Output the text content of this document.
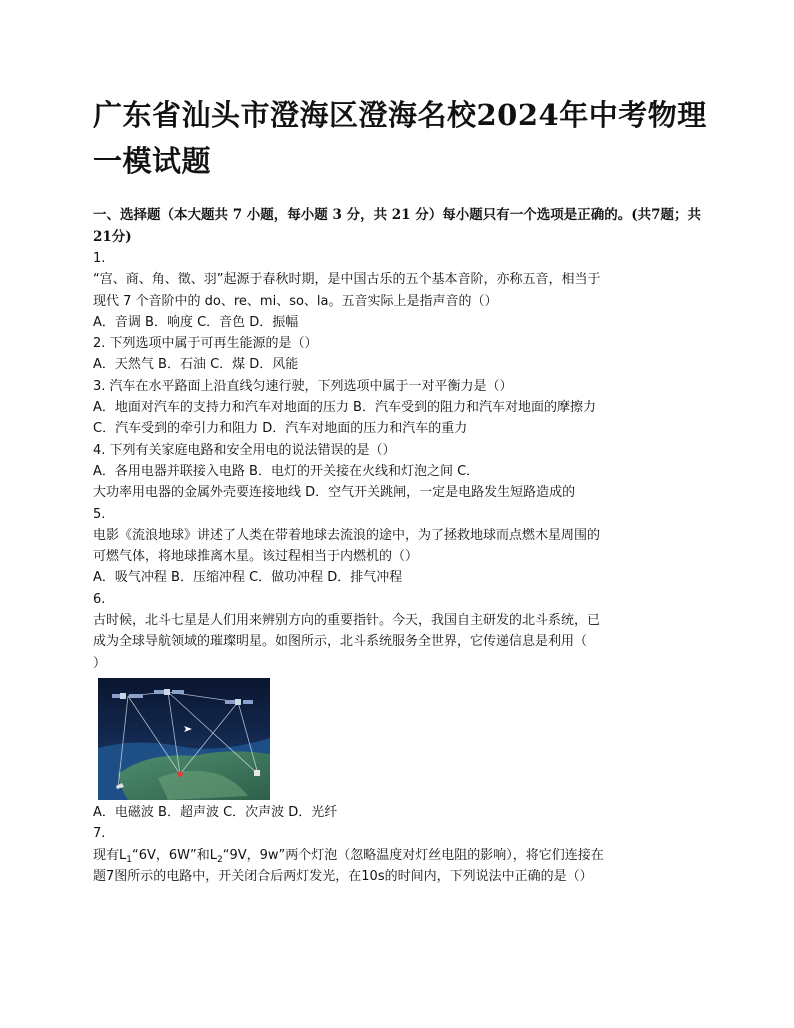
广东省汕头市澄海区澄海名校2024年中考物理一模试题

一、选择题（本大题共 7 小题，每小题 3 分，共 21 分）每小题只有一个选项是正确的。(共7题；共21分)

1.
“宫、商、角、徵、羽”起源于春秋时期，是中国古乐的五个基本音阶，亦称五音，相当于
现代 7 个音阶中的 do、re、mi、so、la。五音实际上是指声音的（）
A．音调 B．响度 C．音色 D．振幅
2. 下列选项中属于可再生能源的是（）
A．天然气 B．石油 C．煤 D．风能
3. 汽车在水平路面上沿直线匀速行驶，下列选项中属于一对平衡力是（）
A．地面对汽车的支持力和汽车对地面的压力 B．汽车受到的阻力和汽车对地面的摩擦力
C．汽车受到的牵引力和阻力 D．汽车对地面的压力和汽车的重力
4. 下列有关家庭电路和安全用电的说法错误的是（）
A．各用电器并联接入电路 B．电灯的开关接在火线和灯泡之间 C．
大功率用电器的金属外壳要连接地线 D．空气开关跳闸，一定是电路发生短路造成的
5.
电影《流浪地球》讲述了人类在带着地球去流浪的途中，为了拯救地球而点燃木星周围的
可燃气体，将地球推离木星。该过程相当于内燃机的（）
A．吸气冲程 B．压缩冲程 C．做功冲程 D．排气冲程
6.
古时候，北斗七星是人们用来辨别方向的重要指针。今天，我国自主研发的北斗系统，已
成为全球导航领域的璀璨明星。如图所示，北斗系统服务全世界，它传递信息是利用（
）
A．电磁波 B．超声波 C．次声波 D．光纤
7.
现有$L_1“6V$，6W”和$L_2“9V$，9w”两个灯泡（忽略温度对灯丝电阻的影响），将它们连接在
题7图所示的电路中，开关闭合后两灯发光，在10s的时间内，下列说法中正确的是（）
